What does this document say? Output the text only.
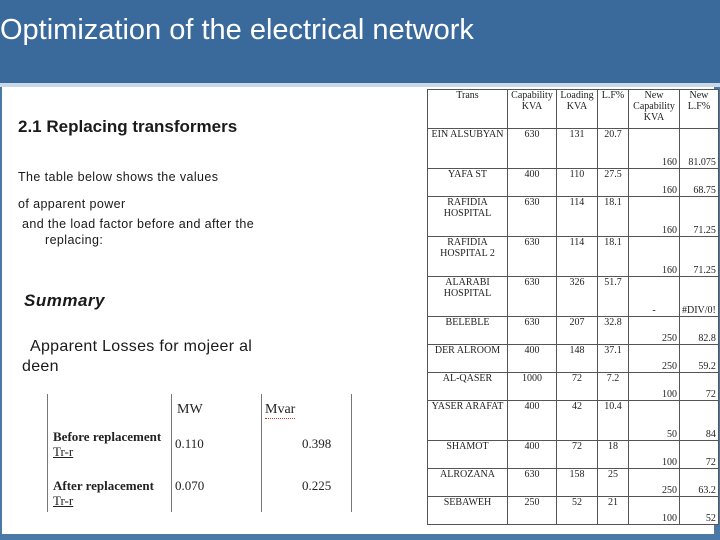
Optimization of the electrical network
2.1 Replacing transformers
The table below shows the values
of apparent power
and the load factor before and after the
replacing:
Summary
Apparent Losses for mojeer al
deen
MW	Mvar
Before replacement
Tr-r
0.110	0.398
After replacement
Tr-r
0.070	0.225
Trans	Capability KVA	Loading KVA	L.F%	New Capability KVA	New L.F%
EIN ALSUBYAN	630	131	20.7	160	81.075
YAFA ST	400	110	27.5	160	68.75
RAFIDIA HOSPITAL	630	114	18.1	160	71.25
RAFIDIA HOSPITAL 2	630	114	18.1	160	71.25
ALARABI HOSPITAL	630	326	51.7	-	#DIV/0!
BELEBLE	630	207	32.8	250	82.8
DER ALROOM	400	148	37.1	250	59.2
AL-QASER	1000	72	7.2	100	72
YASER ARAFAT	400	42	10.4	50	84
SHAMOT	400	72	18	100	72
ALROZANA	630	158	25	250	63.2
SEBAWEH	250	52	21	100	52
